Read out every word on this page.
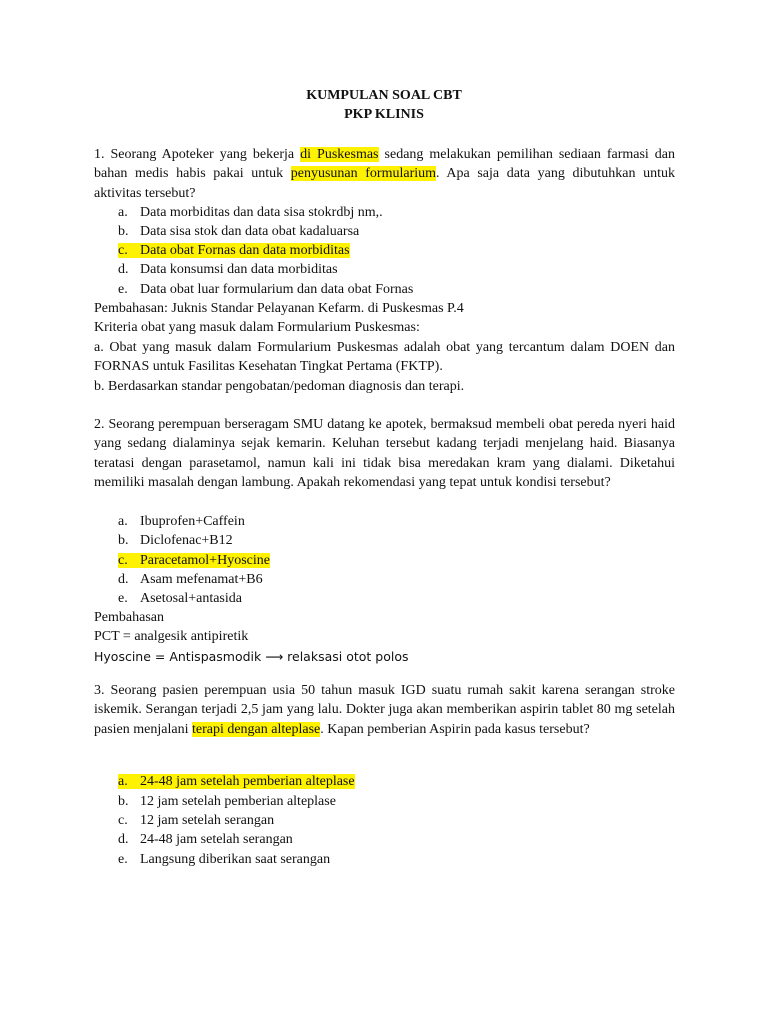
KUMPULAN SOAL CBT
PKP KLINIS
1. Seorang Apoteker yang bekerja di Puskesmas sedang melakukan pemilihan sediaan farmasi dan bahan medis habis pakai untuk penyusunan formularium. Apa saja data yang dibutuhkan untuk aktivitas tersebut?
a. Data morbiditas dan data sisa stokrdbj nm,.
b. Data sisa stok dan data obat kadaluarsa
c. Data obat Fornas dan data morbiditas
d. Data konsumsi dan data morbiditas
e. Data obat luar formularium dan data obat Fornas
Pembahasan: Juknis Standar Pelayanan Kefarm. di Puskesmas P.4
Kriteria obat yang masuk dalam Formularium Puskesmas:
a. Obat yang masuk dalam Formularium Puskesmas adalah obat yang tercantum dalam DOEN dan FORNAS untuk Fasilitas Kesehatan Tingkat Pertama (FKTP).
b. Berdasarkan standar pengobatan/pedoman diagnosis dan terapi.
2. Seorang perempuan berseragam SMU datang ke apotek, bermaksud membeli obat pereda nyeri haid yang sedang dialaminya sejak kemarin. Keluhan tersebut kadang terjadi menjelang haid. Biasanya teratasi dengan parasetamol, namun kali ini tidak bisa meredakan kram yang dialami. Diketahui memiliki masalah dengan lambung. Apakah rekomendasi yang tepat untuk kondisi tersebut?
a. Ibuprofen+Caffein
b. Diclofenac+B12
c. Paracetamol+Hyoscine
d. Asam mefenamat+B6
e. Asetosal+antasida
Pembahasan
PCT = analgesik antipiretik
Hyoscine = Antispasmodik ⟶ relaksasi otot polos
3. Seorang pasien perempuan usia 50 tahun masuk IGD suatu rumah sakit karena serangan stroke iskemik. Serangan terjadi 2,5 jam yang lalu. Dokter juga akan memberikan aspirin tablet 80 mg setelah pasien menjalani terapi dengan alteplase. Kapan pemberian Aspirin pada kasus tersebut?
a. 24-48 jam setelah pemberian alteplase
b. 12 jam setelah pemberian alteplase
c. 12 jam setelah serangan
d. 24-48 jam setelah serangan
e. Langsung diberikan saat serangan
